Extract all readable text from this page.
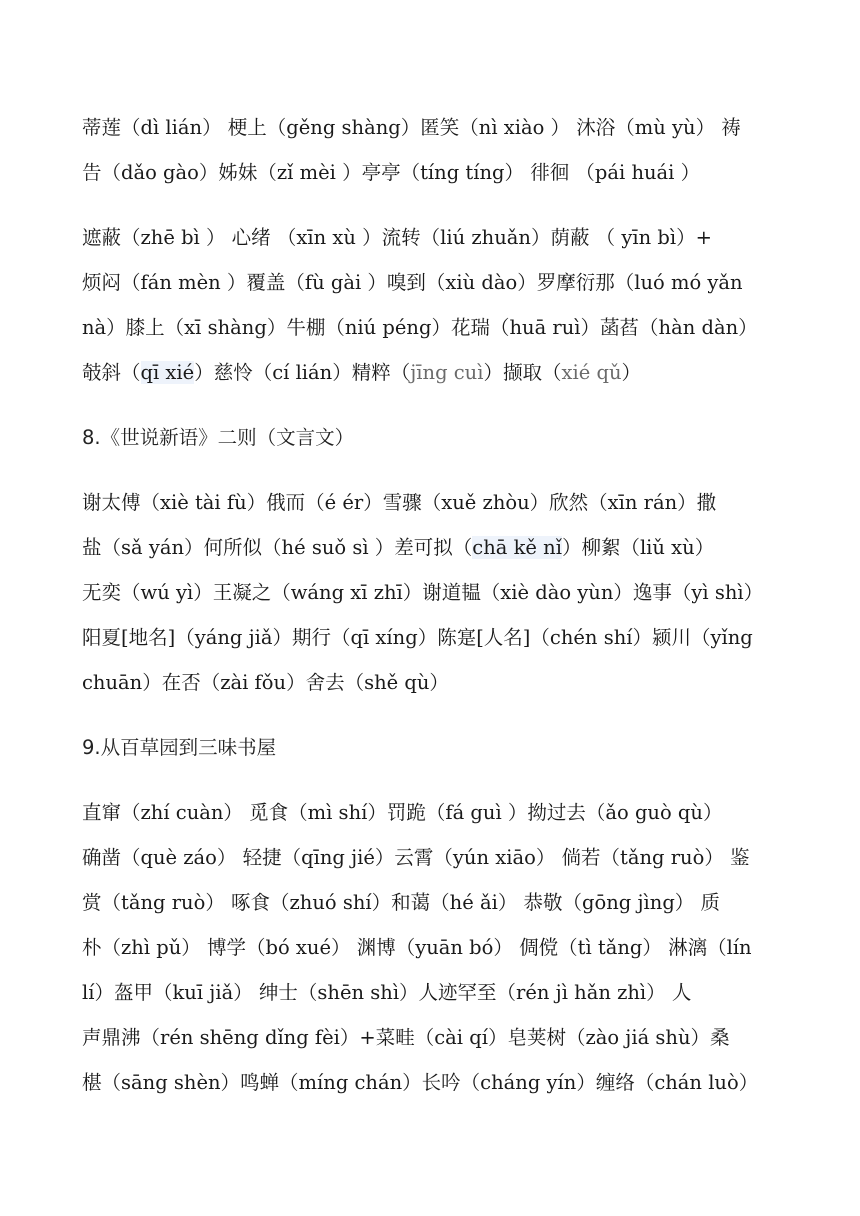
蒂莲（dì lián） 梗上（gěng shàng）匿笑（nì xiào ） 沐浴（mù yù） 祷
告（dǎo gào）姊妹（zǐ mèi ）亭亭（tíng tíng） 徘徊 （pái huái ）

遮蔽（zhē bì ） 心绪 （xīn xù ）流转（liú zhuǎn）荫蔽 （ yīn bì）+
烦闷（fán mèn ）覆盖（fù gài ）嗅到（xiù dào）罗摩衍那（luó mó yǎn
nà）膝上（xī shàng）牛棚（niú péng）花瑞（huā ruì）菡萏（hàn dàn）
攲斜（qī xié）慈怜（cí lián）精粹（jīng cuì）撷取（xié qǔ）

8.《世说新语》二则（文言文）

谢太傅（xiè tài fù）俄而（é ér）雪骤（xuě zhòu）欣然（xīn rán）撒
盐（sǎ yán）何所似（hé suǒ sì ）差可拟（chā kě nǐ）柳絮（liǔ xù）
无奕（wú yì）王凝之（wáng xī zhī）谢道韫（xiè dào yùn）逸事（yì shì）
阳夏[地名]（yáng jiǎ）期行（qī xíng）陈寔[人名]（chén shí）颍川（yǐng
chuān）在否（zài fǒu）舍去（shě qù）

9.从百草园到三味书屋

直窜（zhí cuàn） 觅食（mì shí）罚跪（fá guì ）拗过去（ǎo guò qù）
确凿（què záo） 轻捷（qīng jié）云霄（yún xiāo） 倘若（tǎng ruò） 鉴
赏（tǎng ruò） 啄食（zhuó shí）和蔼（hé ǎi） 恭敬（gōng jìng） 质
朴（zhì pǔ） 博学（bó xué） 渊博（yuān bó） 倜傥（tì tǎng） 淋漓（lín
lí）盔甲（kuī jiǎ） 绅士（shēn shì）人迹罕至（rén jì hǎn zhì） 人
声鼎沸（rén shēng dǐng fèi）+菜畦（cài qí）皂荚树（zào jiá shù）桑
椹（sāng shèn）鸣蝉（míng chán）长吟（cháng yín）缠络（chán luò）
